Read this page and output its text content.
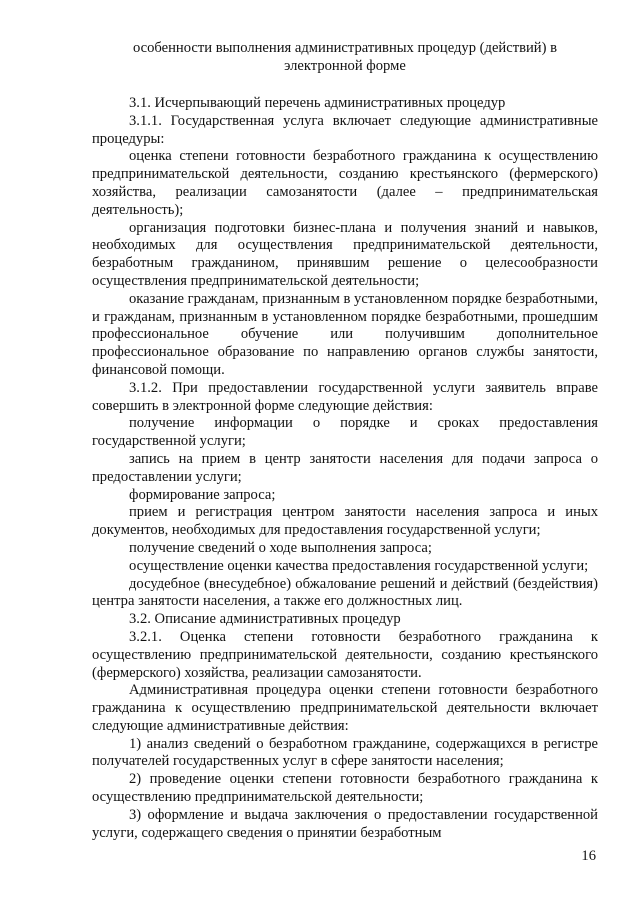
особенности выполнения административных процедур (действий) в
электронной форме

3.1. Исчерпывающий перечень административных процедур

3.1.1. Государственная услуга включает следующие административные процедуры:

оценка степени готовности безработного гражданина к осуществлению предпринимательской деятельности, созданию крестьянского (фермерского) хозяйства, реализации самозанятости (далее – предпринимательская деятельность);

организация подготовки бизнес-плана и получения знаний и навыков, необходимых для осуществления предпринимательской деятельности, безработным гражданином, принявшим решение о целесообразности осуществления предпринимательской деятельности;

оказание гражданам, признанным в установленном порядке безработными, и гражданам, признанным в установленном порядке безработными, прошедшим профессиональное обучение или получившим дополнительное профессиональное образование по направлению органов службы занятости, финансовой помощи.

3.1.2. При предоставлении государственной услуги заявитель вправе совершить в электронной форме следующие действия:

получение информации о порядке и сроках предоставления государственной услуги;

запись на прием в центр занятости населения для подачи запроса о предоставлении услуги;

формирование запроса;

прием и регистрация центром занятости населения запроса и иных документов, необходимых для предоставления государственной услуги;

получение сведений о ходе выполнения запроса;

осуществление оценки качества предоставления государственной услуги;

досудебное (внесудебное) обжалование решений и действий (бездействия) центра занятости населения, а также его должностных лиц.

3.2. Описание административных процедур

3.2.1. Оценка степени готовности безработного гражданина к осуществлению предпринимательской деятельности, созданию крестьянского (фермерского) хозяйства, реализации самозанятости.

Административная процедура оценки степени готовности безработного гражданина к осуществлению предпринимательской деятельности включает следующие административные действия:

1) анализ сведений о безработном гражданине, содержащихся в регистре получателей государственных услуг в сфере занятости населения;

2) проведение оценки степени готовности безработного гражданина к осуществлению предпринимательской деятельности;

3) оформление и выдача заключения о предоставлении государственной услуги, содержащего сведения о принятии безработным

16
